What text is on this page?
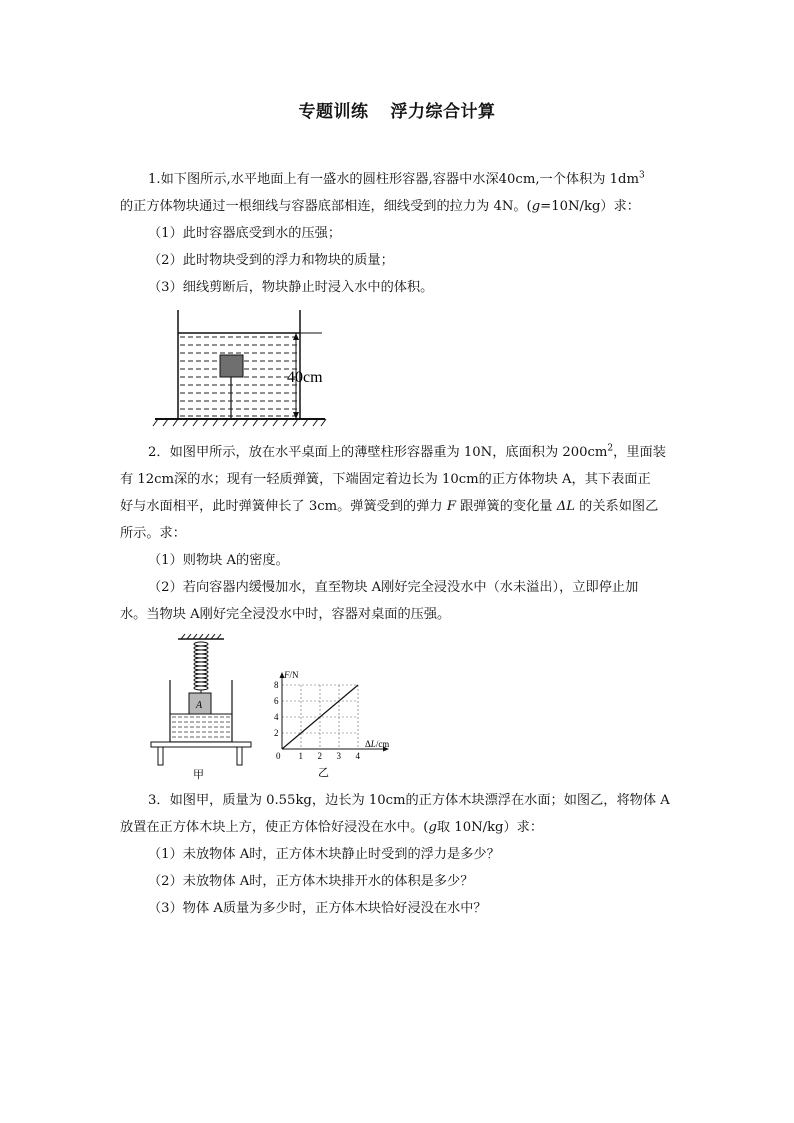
专题训练 浮力综合计算
1.如下图所示,水平地面上有一盛水的圆柱形容器,容器中水深40cm,一个体积为 $1dm^3$
的正方体物块通过一根细线与容器底部相连，细线受到的拉力为 4N。(g=10N/kg）求：
（1）此时容器底受到水的压强；
（2）此时物块受到的浮力和物块的质量；
（3）细线剪断后，物块静止时浸入水中的体积。
40cm
2．如图甲所示，放在水平桌面上的薄壁柱形容器重为 10N，底面积为 $200cm^2$，里面装
有 12cm深的水；现有一轻质弹簧，下端固定着边长为 10cm的正方体物块 A，其下表面正
好与水面相平，此时弹簧伸长了 3cm。弹簧受到的弹力 F 跟弹簧的变化量 ΔL 的关系如图乙
所示。求：
（1）则物块 A的密度。
（2）若向容器内缓慢加水，直至物块 A刚好完全浸没水中（水未溢出），立即停止加
水。当物块 A刚好完全浸没水中时，容器对桌面的压强。
A
甲
0 1 2 3 4
2
4
6
8
F/N
ΔL/cm
乙
3．如图甲，质量为 0.55kg，边长为 10cm的正方体木块漂浮在水面；如图乙，将物体 A
放置在正方体木块上方，使正方体恰好浸没在水中。(g取 10N/kg）求：
（1）未放物体 A时，正方体木块静止时受到的浮力是多少？
（2）未放物体 A时，正方体木块排开水的体积是多少？
（3）物体 A质量为多少时，正方体木块恰好浸没在水中？
